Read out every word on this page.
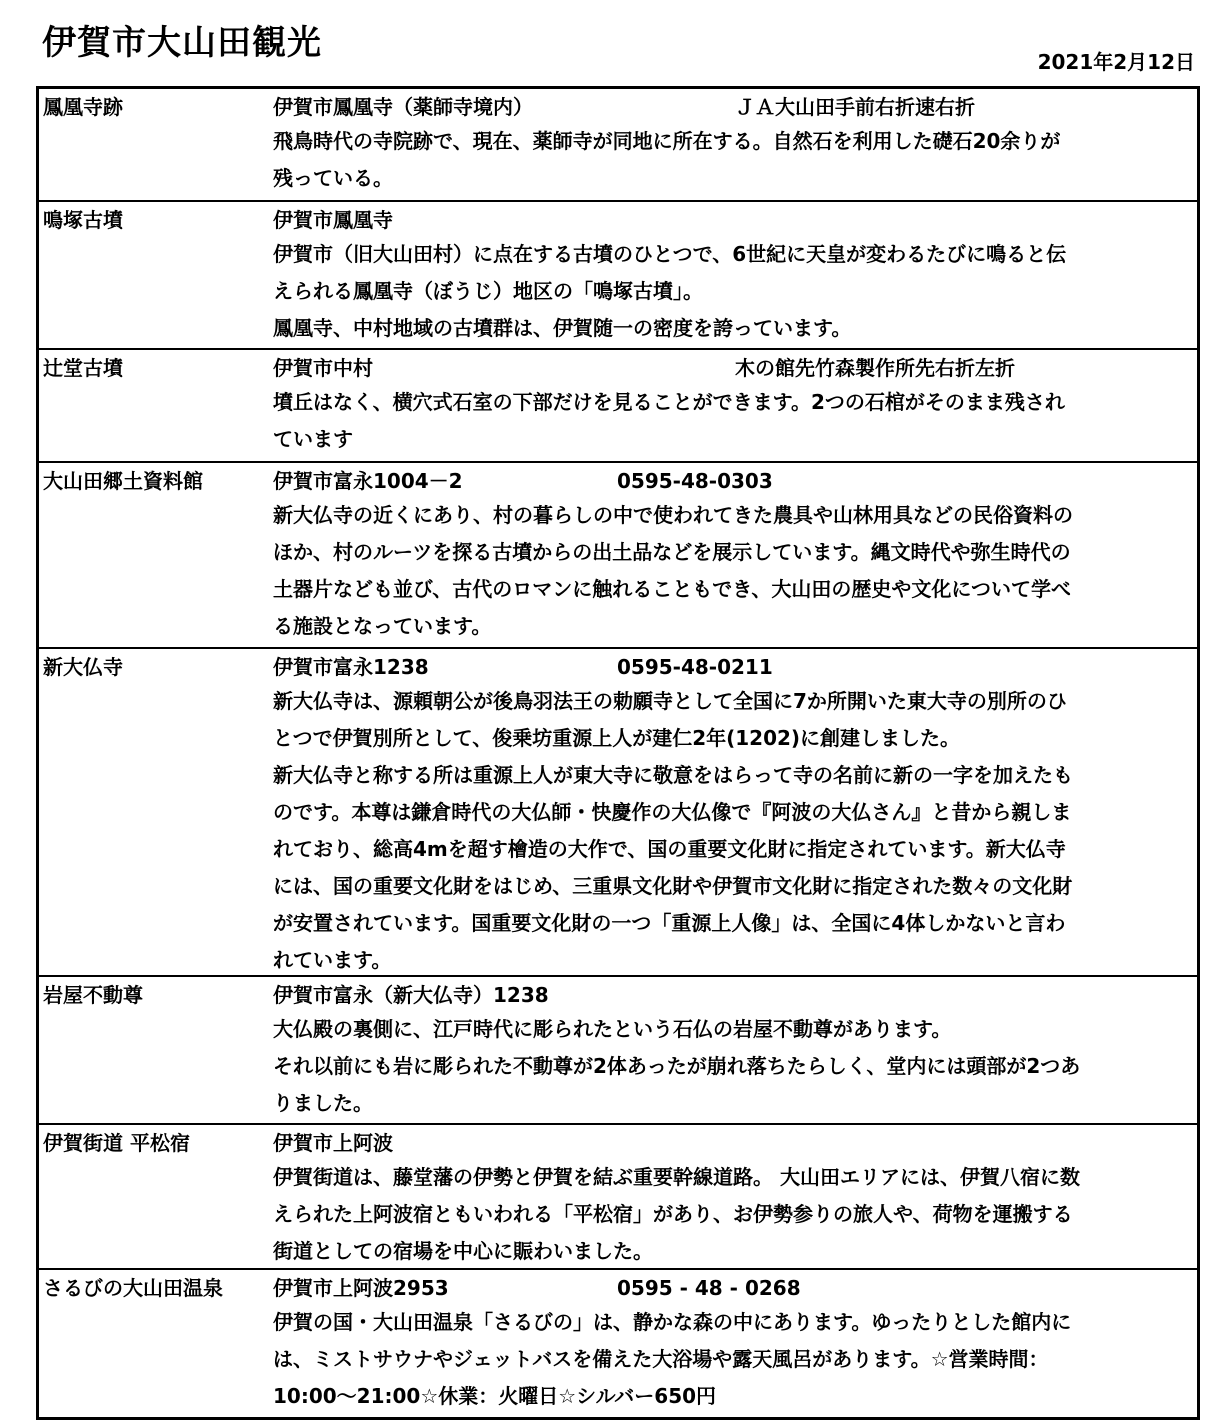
伊賀市大山田観光	2021年2月12日
鳳凰寺跡	伊賀市鳳凰寺（薬師寺境内）	ＪＡ大山田手前右折速右折
飛鳥時代の寺院跡で、現在、薬師寺が同地に所在する。自然石を利用した礎石20余りが
残っている。
鳴塚古墳	伊賀市鳳凰寺
伊賀市（旧大山田村）に点在する古墳のひとつで、6世紀に天皇が変わるたびに鳴ると伝
えられる鳳凰寺（ぼうじ）地区の「鳴塚古墳」。
鳳凰寺、中村地域の古墳群は、伊賀随一の密度を誇っています。
辻堂古墳	伊賀市中村	木の館先竹森製作所先右折左折
墳丘はなく、横穴式石室の下部だけを見ることができます。2つの石棺がそのまま残され
ています
大山田郷土資料館	伊賀市富永1004－2	0595-48-0303
新大仏寺の近くにあり、村の暮らしの中で使われてきた農具や山林用具などの民俗資料の
ほか、村のルーツを探る古墳からの出土品などを展示しています。縄文時代や弥生時代の
土器片なども並び、古代のロマンに触れることもでき、大山田の歴史や文化について学べ
る施設となっています。
新大仏寺	伊賀市富永1238	0595-48-0211
新大仏寺は、源頼朝公が後鳥羽法王の勅願寺として全国に7か所開いた東大寺の別所のひ
とつで伊賀別所として、俊乗坊重源上人が建仁2年(1202)に創建しました。
新大仏寺と称する所は重源上人が東大寺に敬意をはらって寺の名前に新の一字を加えたも
のです。本尊は鎌倉時代の大仏師・快慶作の大仏像で『阿波の大仏さん』と昔から親しま
れており、総高4mを超す檜造の大作で、国の重要文化財に指定されています。新大仏寺
には、国の重要文化財をはじめ、三重県文化財や伊賀市文化財に指定された数々の文化財
が安置されています。国重要文化財の一つ「重源上人像」は、全国に4体しかないと言わ
れています。
岩屋不動尊	伊賀市富永（新大仏寺）1238
大仏殿の裏側に、江戸時代に彫られたという石仏の岩屋不動尊があります。
それ以前にも岩に彫られた不動尊が2体あったが崩れ落ちたらしく、堂内には頭部が2つあ
りました。
伊賀街道 平松宿	伊賀市上阿波
伊賀街道は、藤堂藩の伊勢と伊賀を結ぶ重要幹線道路。 大山田エリアには、伊賀八宿に数
えられた上阿波宿ともいわれる「平松宿」があり、お伊勢参りの旅人や、荷物を運搬する
街道としての宿場を中心に賑わいました。
さるびの大山田温泉	伊賀市上阿波2953	0595 - 48 - 0268
伊賀の国・大山田温泉「さるびの」は、静かな森の中にあります。ゆったりとした館内に
は、ミストサウナやジェットバスを備えた大浴場や露天風呂があります。☆営業時間：
10:00～21:00☆休業：火曜日☆シルバー650円
